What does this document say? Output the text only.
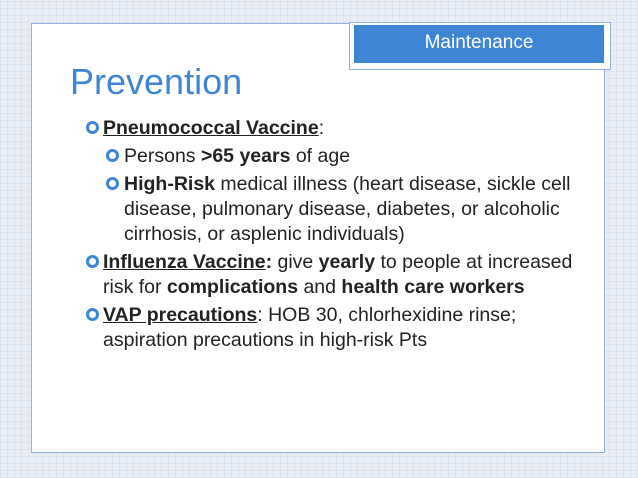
Maintenance
Prevention
Pneumococcal Vaccine:
Persons >65 years of age
High-Risk medical illness (heart disease, sickle cell disease, pulmonary disease, diabetes, or alcoholic cirrhosis, or asplenic individuals)
Influenza Vaccine: give yearly to people at increased risk for complications and health care workers
VAP precautions: HOB 30, chlorhexidine rinse; aspiration precautions in high-risk Pts
